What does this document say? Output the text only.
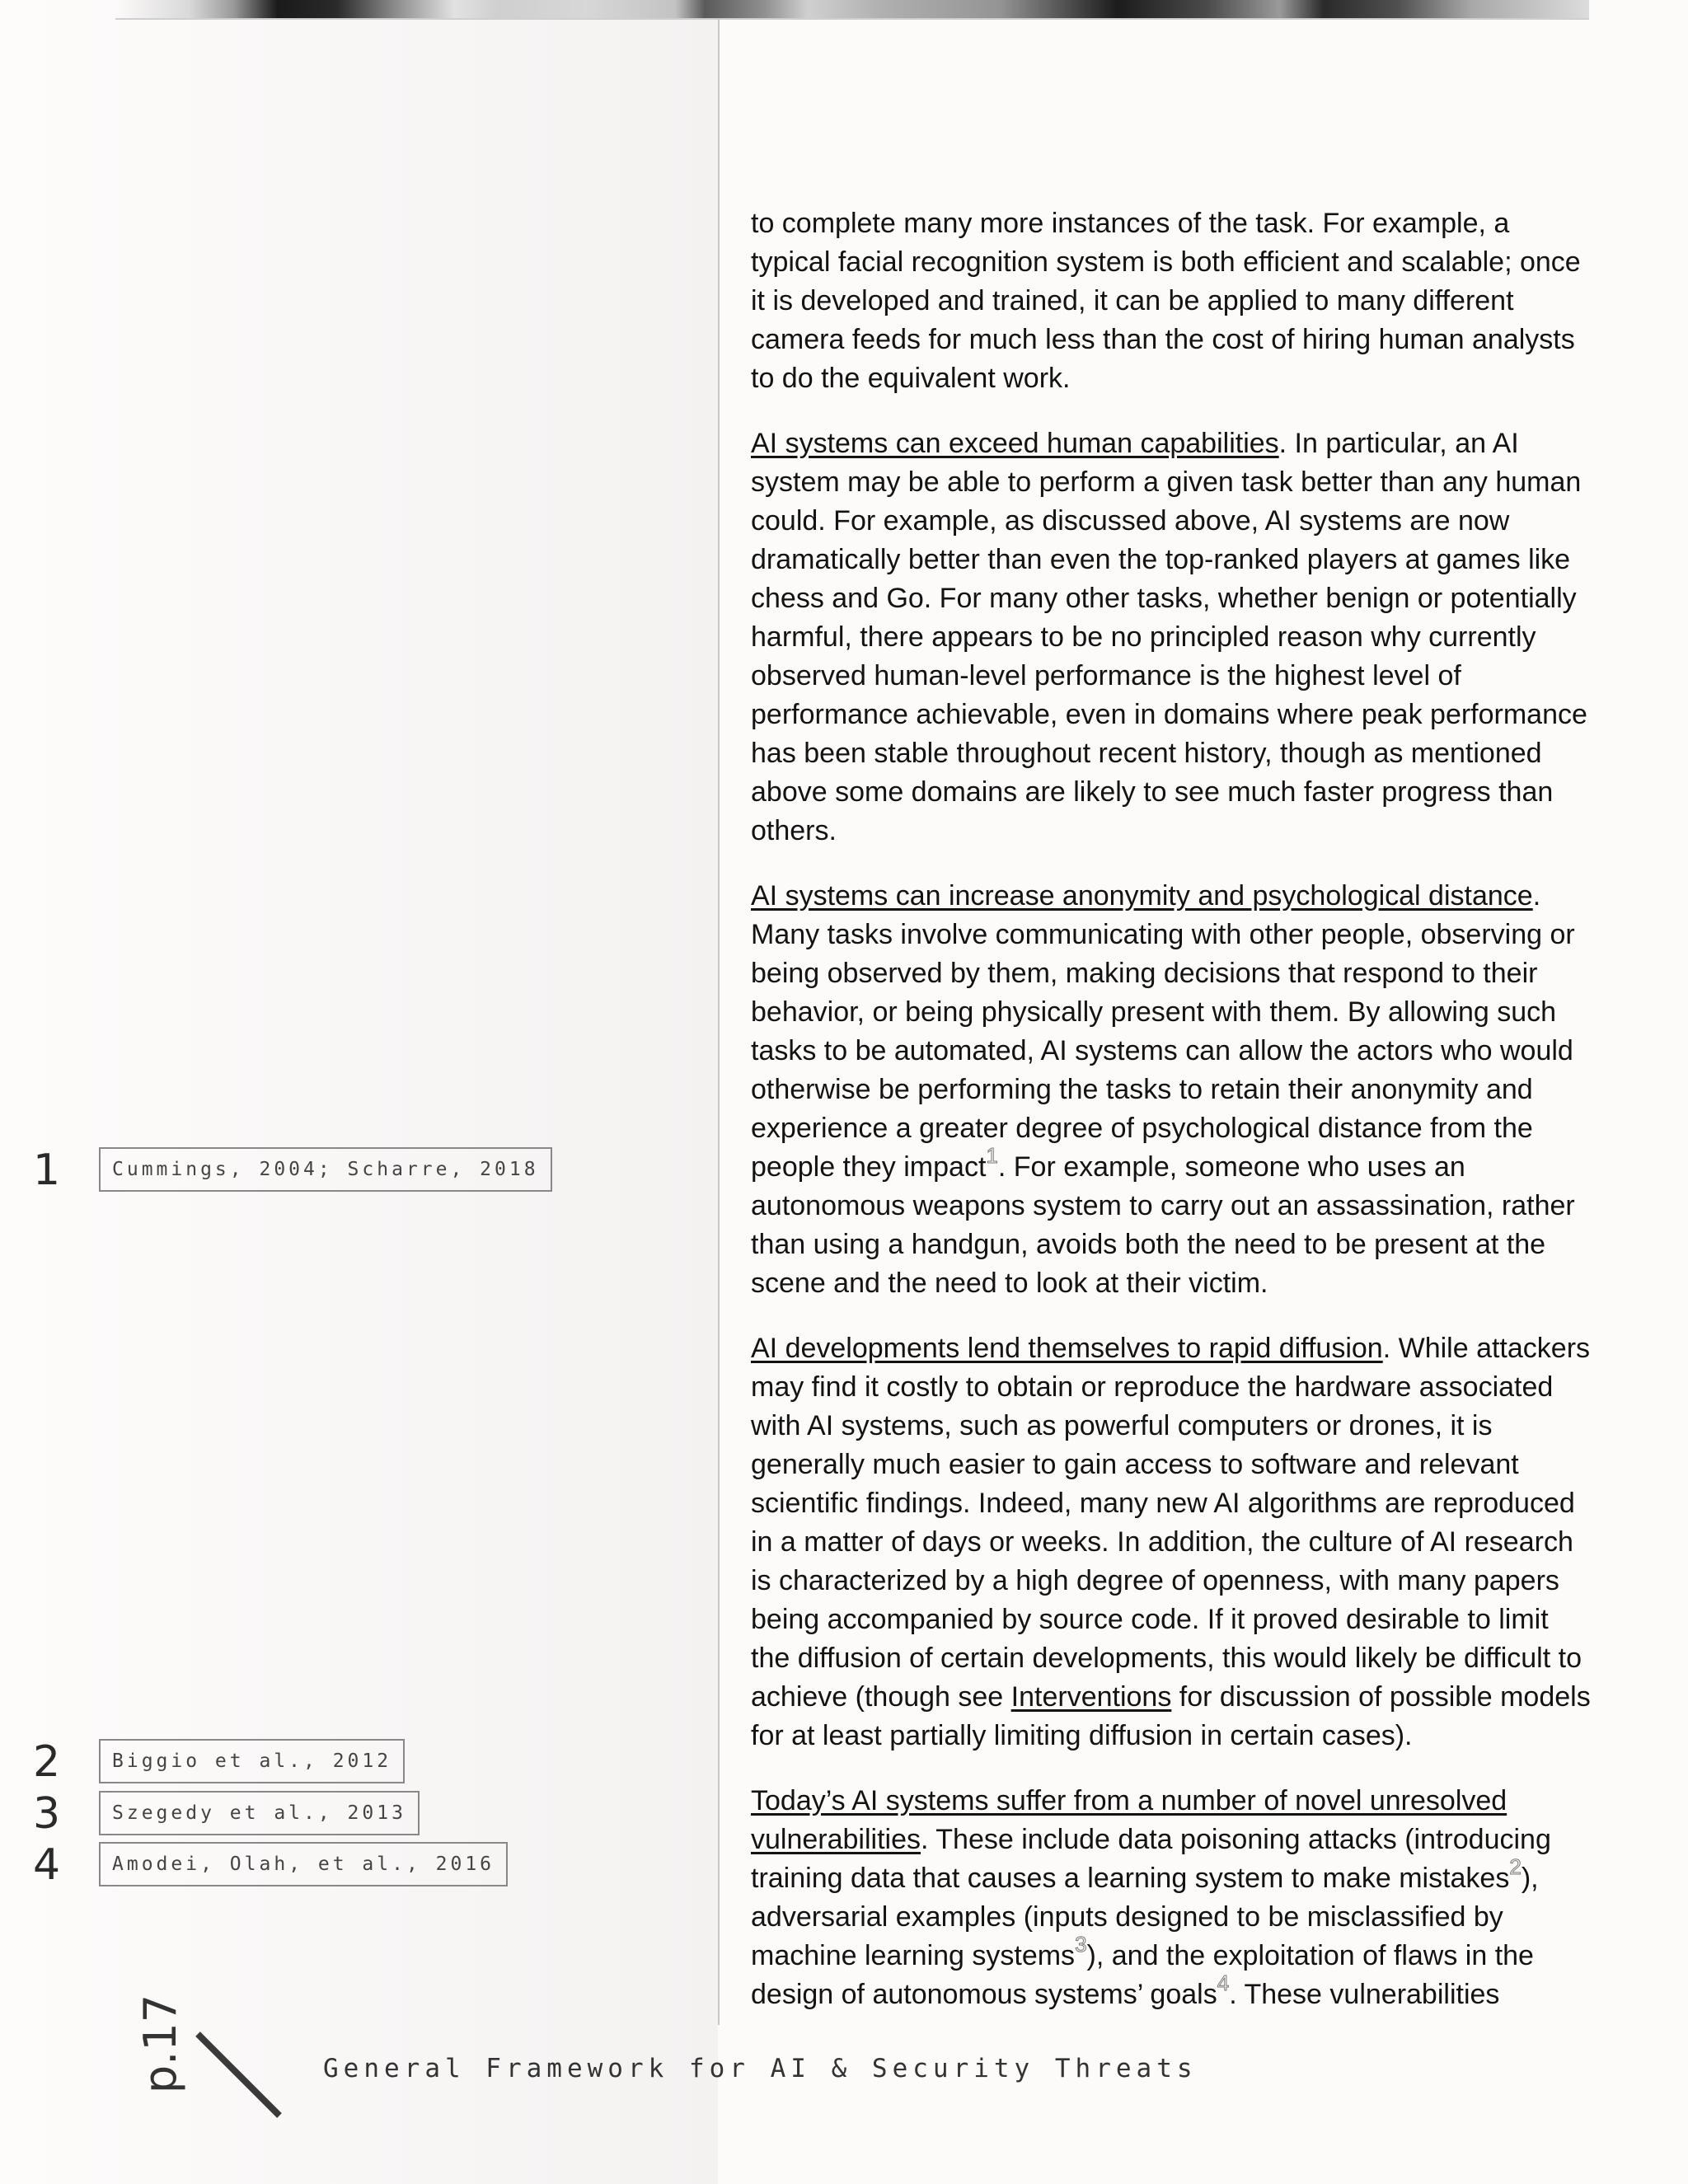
to complete many more instances of the task. For example, a typical facial recognition system is both efficient and scalable; once it is developed and trained, it can be applied to many different camera feeds for much less than the cost of hiring human analysts to do the equivalent work.

AI systems can exceed human capabilities. In particular, an AI system may be able to perform a given task better than any human could. For example, as discussed above, AI systems are now dramatically better than even the top-ranked players at games like chess and Go. For many other tasks, whether benign or potentially harmful, there appears to be no principled reason why currently observed human-level performance is the highest level of performance achievable, even in domains where peak performance has been stable throughout recent history, though as mentioned above some domains are likely to see much faster progress than others.

AI systems can increase anonymity and psychological distance. Many tasks involve communicating with other people, observing or being observed by them, making decisions that respond to their behavior, or being physically present with them. By allowing such tasks to be automated, AI systems can allow the actors who would otherwise be performing the tasks to retain their anonymity and experience a greater degree of psychological distance from the people they impact$^1$. For example, someone who uses an autonomous weapons system to carry out an assassination, rather than using a handgun, avoids both the need to be present at the scene and the need to look at their victim.

AI developments lend themselves to rapid diffusion. While attackers may find it costly to obtain or reproduce the hardware associated with AI systems, such as powerful computers or drones, it is generally much easier to gain access to software and relevant scientific findings. Indeed, many new AI algorithms are reproduced in a matter of days or weeks. In addition, the culture of AI research is characterized by a high degree of openness, with many papers being accompanied by source code. If it proved desirable to limit the diffusion of certain developments, this would likely be difficult to achieve (though see Interventions for discussion of possible models for at least partially limiting diffusion in certain cases).

Today’s AI systems suffer from a number of novel unresolved vulnerabilities. These include data poisoning attacks (introducing training data that causes a learning system to make mistakes$^2$), adversarial examples (inputs designed to be misclassified by machine learning systems$^3$), and the exploitation of flaws in the design of autonomous systems’ goals$^4$. These vulnerabilities

1	Cummings, 2004; Scharre, 2018
2	Biggio et al., 2012
3	Szegedy et al., 2013
4	Amodei, Olah, et al., 2016
p.17	General Framework for AI & Security Threats
